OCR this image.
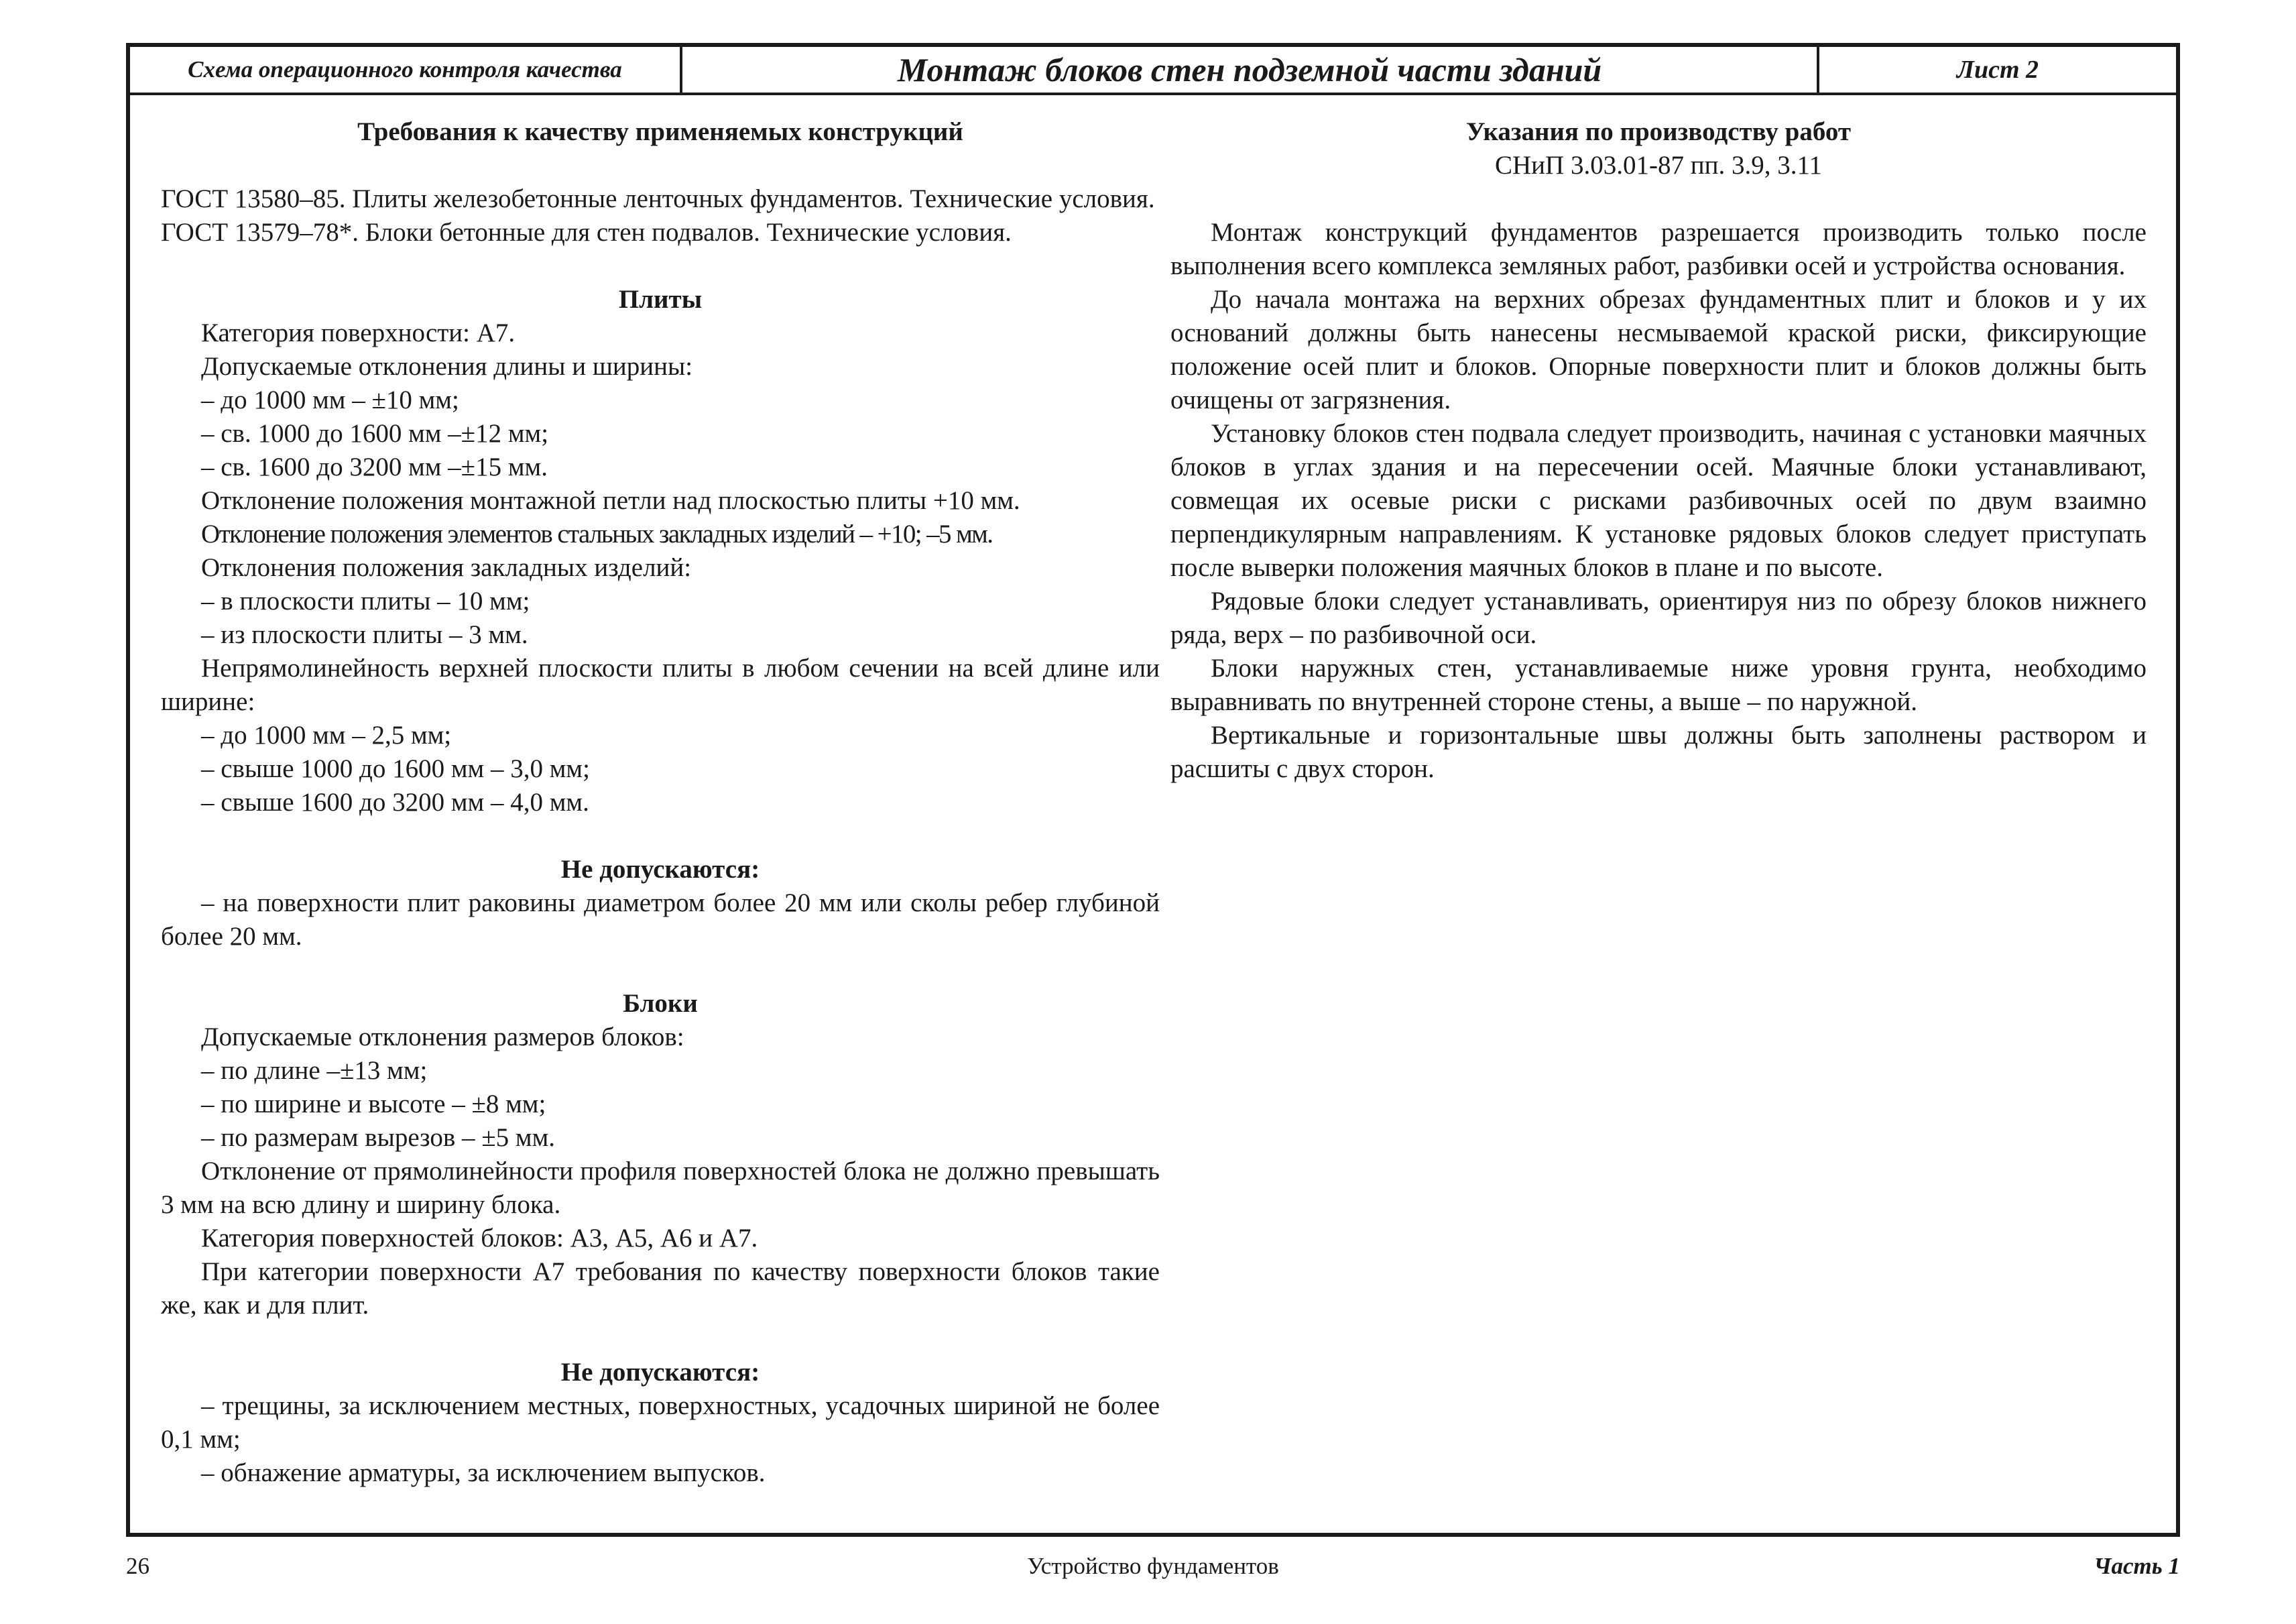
Схема операционного контроля качества	Монтаж блоков стен подземной части зданий	Лист 2
Требования к качеству применяемых конструкций

ГОСТ 13580–85. Плиты железобетонные ленточных фундаментов. Технические условия.

ГОСТ 13579–78*. Блоки бетонные для стен подвалов. Технические условия.

Плиты

Категория поверхности: А7.

Допускаемые отклонения длины и ширины:

– до 1000 мм – ±10 мм;

– св. 1000 до 1600 мм –±12 мм;

– св. 1600 до 3200 мм –±15 мм.

Отклонение положения монтажной петли над плоскостью плиты +10 мм.

Отклонение положения элементов стальных закладных изделий – +10; –5 мм.

Отклонения положения закладных изделий:

– в плоскости плиты – 10 мм;

– из плоскости плиты – 3 мм.

Непрямолинейность верхней плоскости плиты в любом сечении на всей длине или ширине:

– до 1000 мм – 2,5 мм;

– свыше 1000 до 1600 мм – 3,0 мм;

– свыше 1600 до 3200 мм – 4,0 мм.

Не допускаются:

– на поверхности плит раковины диаметром более 20 мм или сколы ребер глубиной более 20 мм.

Блоки

Допускаемые отклонения размеров блоков:

– по длине –±13 мм;

– по ширине и высоте – ±8 мм;

– по размерам вырезов – ±5 мм.

Отклонение от прямолинейности профиля поверхностей блока не должно превышать 3 мм на всю длину и ширину блока.

Категория поверхностей блоков: А3, А5, А6 и А7.

При категории поверхности А7 требования по качеству поверхности блоков такие же, как и для плит.

Не допускаются:

– трещины, за исключением местных, поверхностных, усадочных шириной не более 0,1 мм;

– обнажение арматуры, за исключением выпусков.

Указания по производству работ
СНиП 3.03.01-87 пп. 3.9, 3.11

Монтаж конструкций фундаментов разрешается производить только после выполнения всего комплекса земляных работ, разбивки осей и устройства основания.

До начала монтажа на верхних обрезах фундаментных плит и блоков и у их оснований должны быть нанесены несмываемой краской риски, фиксирующие положение осей плит и блоков. Опорные поверхности плит и блоков должны быть очищены от загрязнения.

Установку блоков стен подвала следует производить, начиная с установки маячных блоков в углах здания и на пересечении осей. Маячные блоки устанавливают, совмещая их осевые риски с рисками разбивочных осей по двум взаимно перпендикулярным направлениям. К установке рядовых блоков следует приступать после выверки положения маячных блоков в плане и по высоте.

Рядовые блоки следует устанавливать, ориентируя низ по обрезу блоков нижнего ряда, верх – по разбивочной оси.

Блоки наружных стен, устанавливаемые ниже уровня грунта, необходимо выравнивать по внутренней стороне стены, а выше – по наружной.

Вертикальные и горизонтальные швы должны быть заполнены раствором и расшиты с двух сторон.

26	Устройство фундаментов	Часть 1
